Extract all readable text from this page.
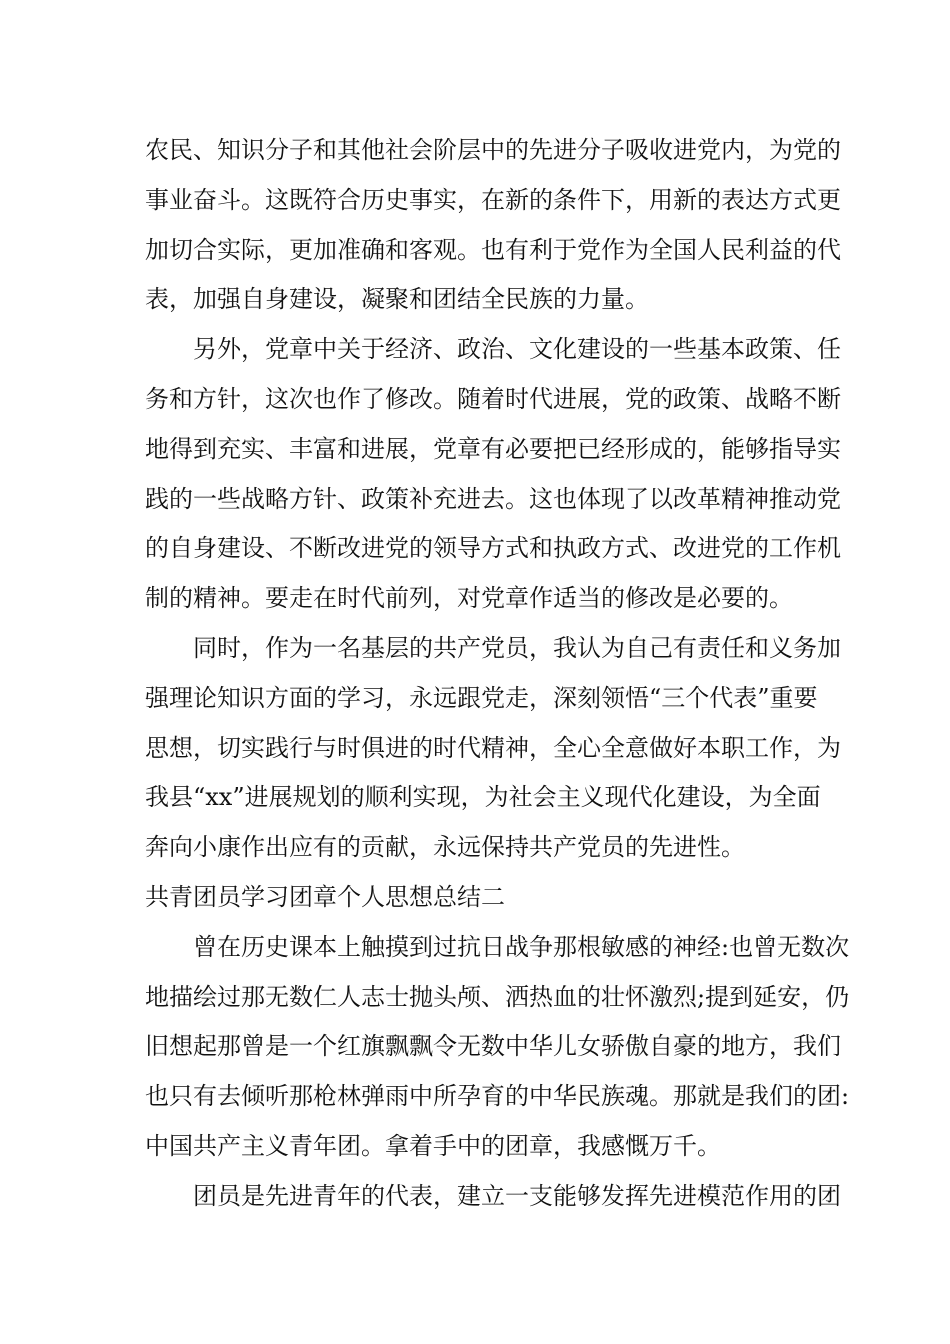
农民、知识分子和其他社会阶层中的先进分子吸收进党内，为党的
事业奋斗。这既符合历史事实，在新的条件下，用新的表达方式更
加切合实际，更加准确和客观。也有利于党作为全国人民利益的代
表，加强自身建设，凝聚和团结全民族的力量。
另外，党章中关于经济、政治、文化建设的一些基本政策、任
务和方针，这次也作了修改。随着时代进展，党的政策、战略不断
地得到充实、丰富和进展，党章有必要把已经形成的，能够指导实
践的一些战略方针、政策补充进去。这也体现了以改革精神推动党
的自身建设、不断改进党的领导方式和执政方式、改进党的工作机
制的精神。要走在时代前列，对党章作适当的修改是必要的。
同时，作为一名基层的共产党员，我认为自己有责任和义务加
强理论知识方面的学习，永远跟党走，深刻领悟“三个代表”重要
思想，切实践行与时俱进的时代精神，全心全意做好本职工作，为
我县“xx”进展规划的顺利实现，为社会主义现代化建设，为全面
奔向小康作出应有的贡献，永远保持共产党员的先进性。
共青团员学习团章个人思想总结二
曾在历史课本上触摸到过抗日战争那根敏感的神经:也曾无数次
地描绘过那无数仁人志士抛头颅、洒热血的壮怀激烈;提到延安，仍
旧想起那曾是一个红旗飘飘令无数中华儿女骄傲自豪的地方，我们
也只有去倾听那枪林弹雨中所孕育的中华民族魂。那就是我们的团:
中国共产主义青年团。拿着手中的团章，我感慨万千。
团员是先进青年的代表，建立一支能够发挥先进模范作用的团
